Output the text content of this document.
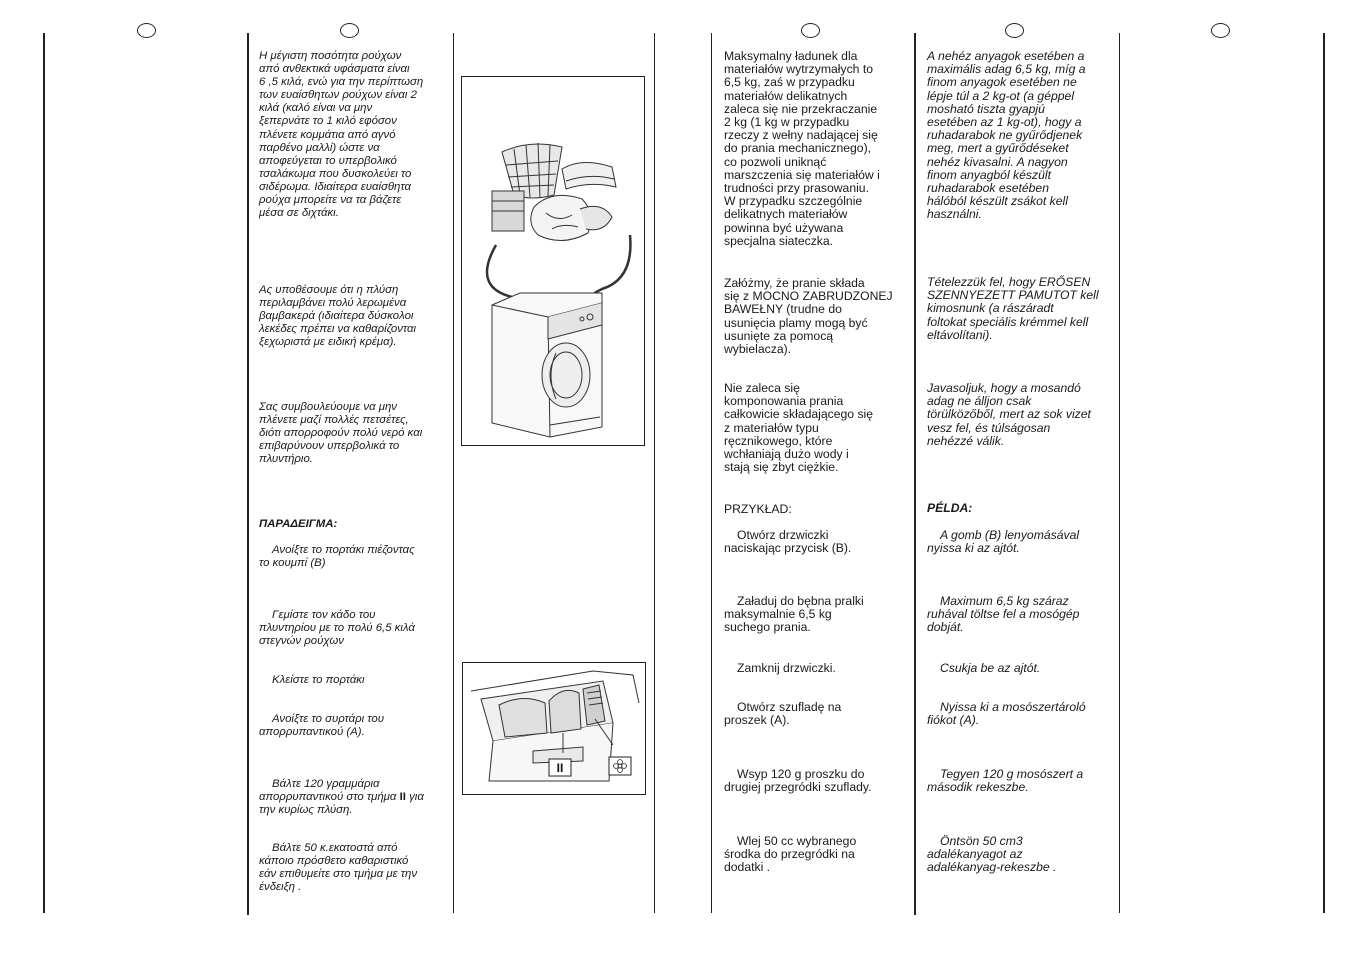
Η μέγιστη ποσότητα ρούχων
από ανθεκτικά υφάσματα είναι
6 ,5 κιλά, ενώ για την περίπτωση
των ευαίσθητων ρούχων είναι 2
κιλά (καλό είναι να μην
ξεπερνάτε το 1 κιλό εφόσον
πλένετε κομμάτια από αγνό
παρθένο μαλλί) ώστε να
αποφεύγεται το υπερβολικό
τσαλάκωμα που δυσκολεύει το
σιδέρωμα. Ιδιαίτερα ευαίσθητα
ρούχα μπορείτε να τα βάζετε
μέσα σε διχτάκι.

Ας υποθέσουμε ότι η πλύση
περιλαμβάνει πολύ λερωμένα
βαμβακερά (ιδιαίτερα δύσκολοι
λεκέδες πρέπει να καθαρίζονται
ξεχωριστά με ειδική κρέμα).

Σας συμβουλεύουμε να μην
πλένετε μαζί πολλές πετσέτες,
διότι απορροφούν πολύ νερό και
επιβαρύνουν υπερβολικά το
πλυντήριο.

ΠΑΡΑΔΕΙΓΜΑ:

Ανοίξτε το πορτάκι πιέζοντας
το κουμπί (Β)

Γεμίστε τον κάδο του
πλυντηρίου με το πολύ 6,5 κιλά
στεγνών ρούχων

Κλείστε το πορτάκι

Ανοίξτε το συρτάρι του
απορρυπαντικού (Α).

Βάλτε 120 γραμμάρια
απορρυπαντικού στο τμήμα ΙΙ για
την κυρίως πλύση.

Βάλτε 50 κ.εκατοστά από
κάποιο πρόσθετο καθαριστικό
εάν επιθυμείτε στο τμήμα με την
ένδειξη .

II

Maksymalny ładunek dla
materiałów wytrzymałych to
6,5 kg, zaś w przypadku
materiałów delikatnych
zaleca się nie przekraczanie
2 kg (1 kg w przypadku
rzeczy z wełny nadającej się
do prania mechanicznego),
co pozwoli uniknąć
marszczenia się materiałów i
trudności przy prasowaniu.
W przypadku szczególnie
delikatnych materiałów
powinna być używana
specjalna siateczka.

Załóżmy, że pranie składa
się z MOCNO ZABRUDZONEJ
BAWEŁNY (trudne do
usunięcia plamy mogą być
usunięte za pomocą
wybielacza).

Nie zaleca się
komponowania prania
całkowicie składającego się
z materiałów typu
ręcznikowego, które
wchłaniają dużo wody i
stają się zbyt ciężkie.

PRZYKŁAD:

Otwórz drzwiczki
naciskając przycisk (B).

Załaduj do bębna pralki
maksymalnie 6,5 kg
suchego prania.

Zamknij drzwiczki.

Otwórz szufladę na
proszek (A).

Wsyp 120 g proszku do
drugiej przegródki szuflady.

Wlej 50 cc wybranego
środka do przegródki na
dodatki .

A nehéz anyagok esetében a
maximális adag 6,5 kg, míg a
finom anyagok esetében ne
lépje túl a 2 kg-ot (a géppel
mosható tiszta gyapjú
esetében az 1 kg-ot), hogy a
ruhadarabok ne gyűrődjenek
meg, mert a gyűrődéseket
nehéz kivasalni. A nagyon
finom anyagból készült
ruhadarabok esetében
hálóból készült zsákot kell
használni.

Tételezzük fel, hogy ERŐSEN
SZENNYEZETT PAMUTOT kell
kimosnunk (a rászáradt
foltokat speciális krémmel kell
eltávolítani).

Javasoljuk, hogy a mosandó
adag ne álljon csak
törülközőből, mert az sok vizet
vesz fel, és túlságosan
nehézzé válik.

PÉLDA:

A gomb (B) lenyomásával
nyissa ki az ajtót.

Maximum 6,5 kg száraz
ruhával töltse fel a mosógép
dobját.

Csukja be az ajtót.

Nyissa ki a mosószertároló
fiókot (A).

Tegyen 120 g mosószert a
második rekeszbe.

Öntsön 50 cm3
adalékanyagot az
adalékanyag-rekeszbe .
